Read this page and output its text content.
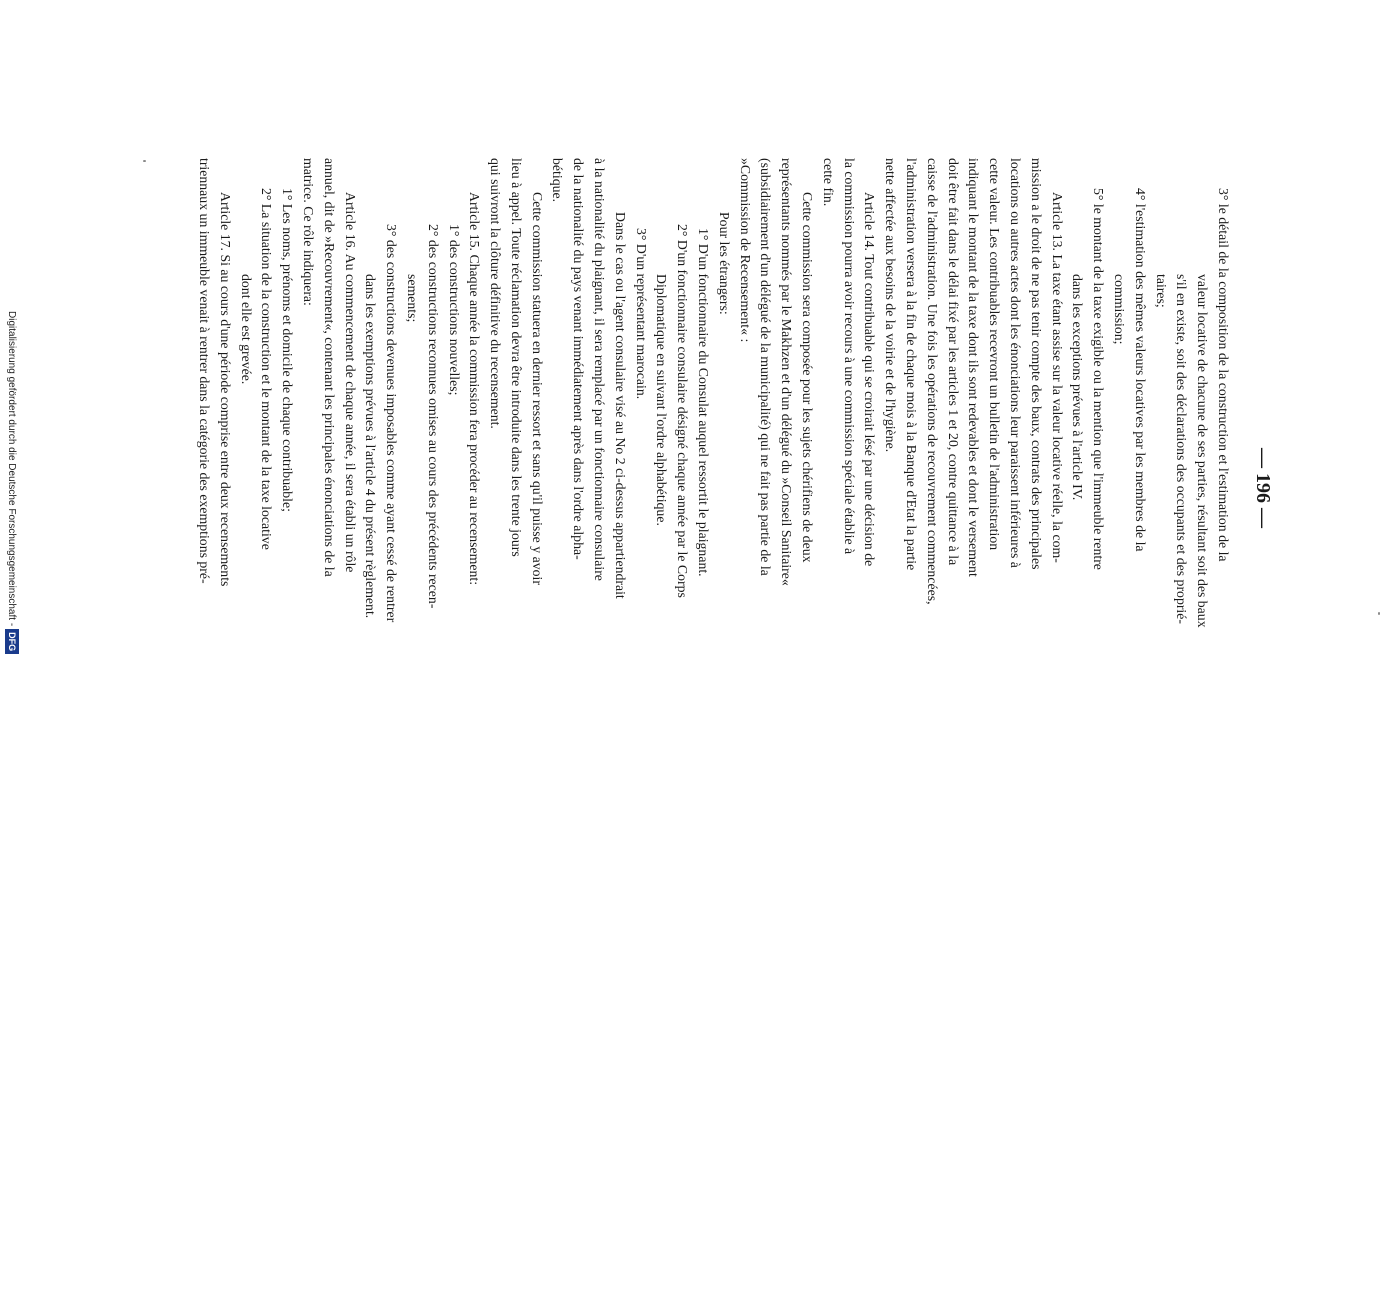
— 196 —

3° le détail de la composition de la construction et l'estimation de la

valeur locative de chacune de ses parties, résultant soit des baux

s'il en existe, soit des déclarations des occupants et des proprié-

taires;

4° l'estimation des mêmes valeurs locatives par les membres de la

commission;

5° le montant de la taxe exigible ou la mention que l'immeuble rentre

dans les exceptions prévues à l'article IV.

Article 13. La taxe étant assise sur la valeur locative réelle, la com-

mission a le droit de ne pas tenir compte des baux, contrats des principales

locations ou autres actes dont les énonciations leur paraissent inférieures à

cette valeur. Les contribuables recevront un bulletin de l'administration

indiquant le montant de la taxe dont ils sont redevables et dont le versement

doit être fait dans le délai fixé par les articles 1 et 20, contre quittance à la

caisse de l'administration. Une fois les opérations de recouvrement commencées,

l'administration versera à la fin de chaque mois à la Banque d'Etat la partie

nette affectée aux besoins de la voirie et de l'hygiène.

Article 14. Tout contribuable qui se croirait lésé par une décision de

la commission pourra avoir recours à une commission spéciale établie à

cette fin.

Cette commission sera composée pour les sujets chérifiens de deux

représentants nommés par le Makhzen et d'un délégué du »Conseil Sanitaire«

(subsidiairement d'un délégué de la municipalité) qui ne fait pas partie de la

»Commission de Recensement« :

Pour les étrangers:

1° D'un fonctionnaire du Consulat auquel ressortit le plaignant.

2° D'un fonctionnaire consulaire désigné chaque année par le Corps

Diplomatique en suivant l'ordre alphabétique.

3° D'un représentant marocain.

Dans le cas ou l'agent consulaire visé au No 2 ci-dessus appartiendrait

à la nationalité du plaignant, il sera remplacé par un fonctionnaire consulaire

de la nationalité du pays venant immédiatement après dans l'ordre alpha-

bétique.

Cette commission statuera en dernier ressort et sans qu'il puisse y avoir

lieu à appel. Toute réclamation devra être introduite dans les trente jours

qui suivront la clôture définitive du recensement.

Article 15. Chaque année la commission fera procéder au recensement:

1° des constructions nouvelles;

2° des constructions reconnues omises au cours des précédents recen-

sements;

3° des constructions devenues imposables comme ayant cessé de rentrer

dans les exemptions prévues à l'article 4 du présent règlement.

Article 16. Au commencement de chaque année, il sera établi un rôle

annuel, dit de »Recouvrement«, contenant les principales énonciations de la

matrice. Ce rôle indiquera:

1° Les noms, prénoms et domicile de chaque contribuable;

2° La situation de la construction et le montant de la taxe locative

dont elle est grevée.

Article 17. Si au cours d'une période comprise entre deux recensements

triennaux un immeuble venait à rentrer dans la catégorie des exemptions pré-

Digitalisierung gefördert durch die Deutsche Forschungsgemeinschaft -DFG
